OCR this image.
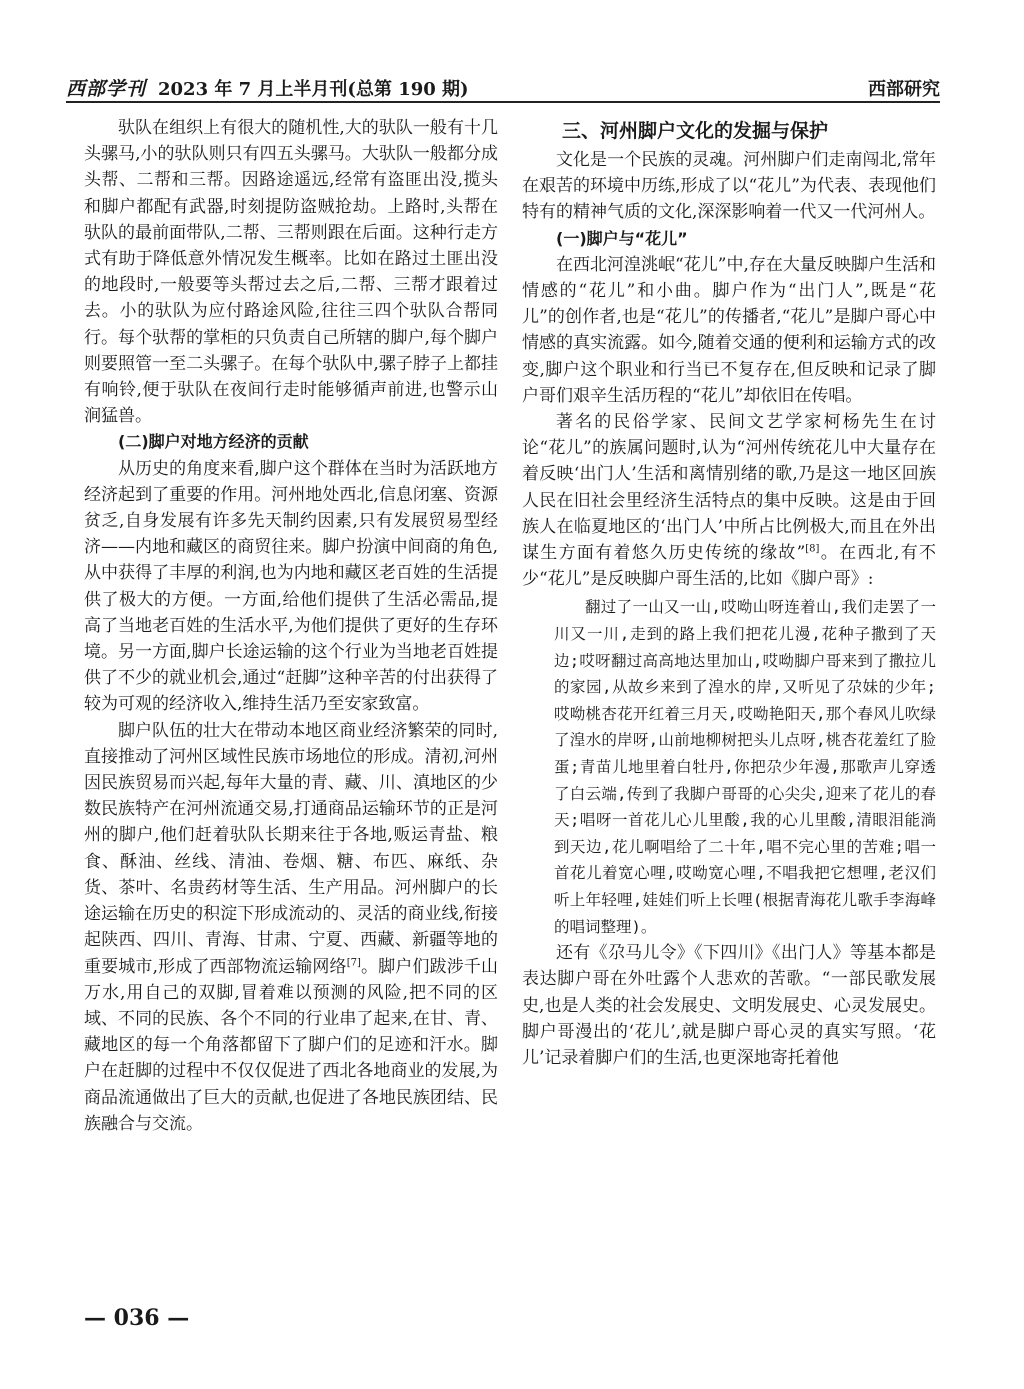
西部学刊 2023 年 7 月上半月刊(总第 190 期)	西部研究

驮队在组织上有很大的随机性,大的驮队一般有十几头骡马,小的驮队则只有四五头骡马。大驮队一般都分成头帮、二帮和三帮。因路途遥远,经常有盗匪出没,揽头和脚户都配有武器,时刻提防盗贼抢劫。上路时,头帮在驮队的最前面带队,二帮、三帮则跟在后面。这种行走方式有助于降低意外情况发生概率。比如在路过土匪出没的地段时,一般要等头帮过去之后,二帮、三帮才跟着过去。小的驮队为应付路途风险,往往三四个驮队合帮同行。每个驮帮的掌柜的只负责自己所辖的脚户,每个脚户则要照管一至二头骡子。在每个驮队中,骡子脖子上都挂有响铃,便于驮队在夜间行走时能够循声前进,也警示山涧猛兽。

(二)脚户对地方经济的贡献

从历史的角度来看,脚户这个群体在当时为活跃地方经济起到了重要的作用。河州地处西北,信息闭塞、资源贫乏,自身发展有许多先天制约因素,只有发展贸易型经济——内地和藏区的商贸往来。脚户扮演中间商的角色,从中获得了丰厚的利润,也为内地和藏区老百姓的生活提供了极大的方便。一方面,给他们提供了生活必需品,提高了当地老百姓的生活水平,为他们提供了更好的生存环境。另一方面,脚户长途运输的这个行业为当地老百姓提供了不少的就业机会,通过“赶脚”这种辛苦的付出获得了较为可观的经济收入,维持生活乃至安家致富。

脚户队伍的壮大在带动本地区商业经济繁荣的同时,直接推动了河州区域性民族市场地位的形成。清初,河州因民族贸易而兴起,每年大量的青、藏、川、滇地区的少数民族特产在河州流通交易,打通商品运输环节的正是河州的脚户,他们赶着驮队长期来往于各地,贩运青盐、粮食、酥油、丝线、清油、卷烟、糖、布匹、麻纸、杂货、茶叶、名贵药材等生活、生产用品。河州脚户的长途运输在历史的积淀下形成流动的、灵活的商业线,衔接起陕西、四川、青海、甘肃、宁夏、西藏、新疆等地的重要城市,形成了西部物流运输网络[7]。脚户们跋涉千山万水,用自己的双脚,冒着难以预测的风险,把不同的区域、不同的民族、各个不同的行业串了起来,在甘、青、藏地区的每一个角落都留下了脚户们的足迹和汗水。脚户在赶脚的过程中不仅仅促进了西北各地商业的发展,为商品流通做出了巨大的贡献,也促进了各地民族团结、民族融合与交流。

三、河州脚户文化的发掘与保护

文化是一个民族的灵魂。河州脚户们走南闯北,常年在艰苦的环境中历练,形成了以“花儿”为代表、表现他们特有的精神气质的文化,深深影响着一代又一代河州人。

(一)脚户与“花儿”

在西北河湟洮岷“花儿”中,存在大量反映脚户生活和情感的“花儿”和小曲。脚户作为“出门人”,既是“花儿”的创作者,也是“花儿”的传播者,“花儿”是脚户哥心中情感的真实流露。如今,随着交通的便利和运输方式的改变,脚户这个职业和行当已不复存在,但反映和记录了脚户哥们艰辛生活历程的“花儿”却依旧在传唱。

著名的民俗学家、民间文艺学家柯杨先生在讨论“花儿”的族属问题时,认为“河州传统花儿中大量存在着反映‘出门人’生活和离情别绪的歌,乃是这一地区回族人民在旧社会里经济生活特点的集中反映。这是由于回族人在临夏地区的‘出门人’中所占比例极大,而且在外出谋生方面有着悠久历史传统的缘故”[8]。在西北,有不少“花儿”是反映脚户哥生活的,比如《脚户哥》:

翻过了一山又一山,哎呦山呀连着山,我们走罢了一川又一川,走到的路上我们把花儿漫,花种子撒到了天边;哎呀翻过高高地达里加山,哎呦脚户哥来到了撒拉儿的家园,从故乡来到了湟水的岸,又听见了尕妹的少年;哎呦桃杏花开红着三月天,哎呦艳阳天,那个春风儿吹绿了湟水的岸呀,山前地柳树把头儿点呀,桃杏花羞红了脸蛋;青苗儿地里着白牡丹,你把尕少年漫,那歌声儿穿透了白云端,传到了我脚户哥哥的心尖尖,迎来了花儿的春天;唱呀一首花儿心儿里酸,我的心儿里酸,清眼泪能淌到天边,花儿啊唱给了二十年,唱不完心里的苦难;唱一首花儿着宽心哩,哎呦宽心哩,不唱我把它想哩,老汉们听上年轻哩,娃娃们听上长哩(根据青海花儿歌手李海峰的唱词整理)。

还有《尕马儿令》《下四川》《出门人》等基本都是表达脚户哥在外吐露个人悲欢的苦歌。“一部民歌发展史,也是人类的社会发展史、文明发展史、心灵发展史。脚户哥漫出的‘花儿’,就是脚户哥心灵的真实写照。‘花儿’记录着脚户们的生活,也更深地寄托着他

— 036 —
